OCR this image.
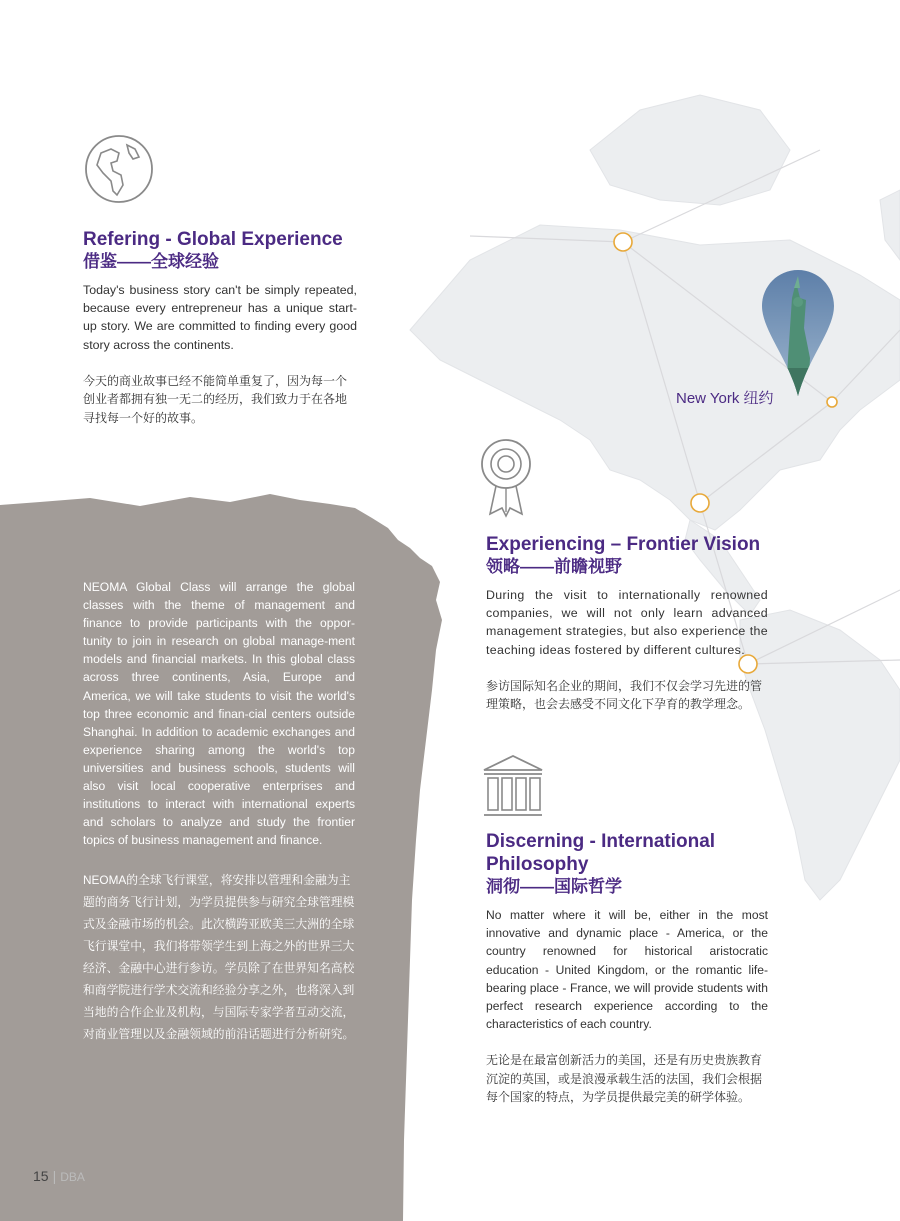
New York 纽约
Refering - Global Experience
借鉴——全球经验

Today's business story can't be simply repeated, because every entrepreneur has a unique start-up story. We are committed to finding every good story across the continents.

今天的商业故事已经不能简单重复了，因为每一个创业者都拥有独一无二的经历，我们致力于在各地寻找每一个好的故事。

NEOMA Global Class will arrange the global classes with the theme of management and finance to provide participants with the oppor-tunity to join in research on global manage-ment models and financial markets. In this global class across three continents, Asia, Europe and America, we will take students to visit the world's top three economic and finan-cial centers outside Shanghai. In addition to academic exchanges and experience sharing among the world's top universities and business schools, students will also visit local cooperative enterprises and institutions to interact with international experts and scholars to analyze and study the frontier topics of business management and finance.

NEOMA的全球飞行课堂，将安排以管理和金融为主题的商务飞行计划，为学员提供参与研究全球管理模式及金融市场的机会。此次横跨亚欧美三大洲的全球飞行课堂中，我们将带领学生到上海之外的世界三大经济、金融中心进行参访。学员除了在世界知名高校和商学院进行学术交流和经验分享之外，也将深入到当地的合作企业及机构，与国际专家学者互动交流，对商业管理以及金融领域的前沿话题进行分析研究。

Experiencing – Frontier Vision
领略——前瞻视野

During the visit to internationally renowned companies, we will not only learn advanced management strategies, but also experience the teaching ideas fostered by different cultures.

参访国际知名企业的期间，我们不仅会学习先进的管理策略，也会去感受不同文化下孕育的教学理念。

Discerning - International Philosophy
洞彻——国际哲学

No matter where it will be, either in the most innovative and dynamic place - America, or the country renowned for historical aristocratic education - United Kingdom, or the romantic life-bearing place - France, we will provide students with perfect research experience according to the characteristics of each country.

无论是在最富创新活力的美国，还是有历史贵族教育沉淀的英国，或是浪漫承载生活的法国，我们会根据每个国家的特点，为学员提供最完美的研学体验。

15 | DBA
